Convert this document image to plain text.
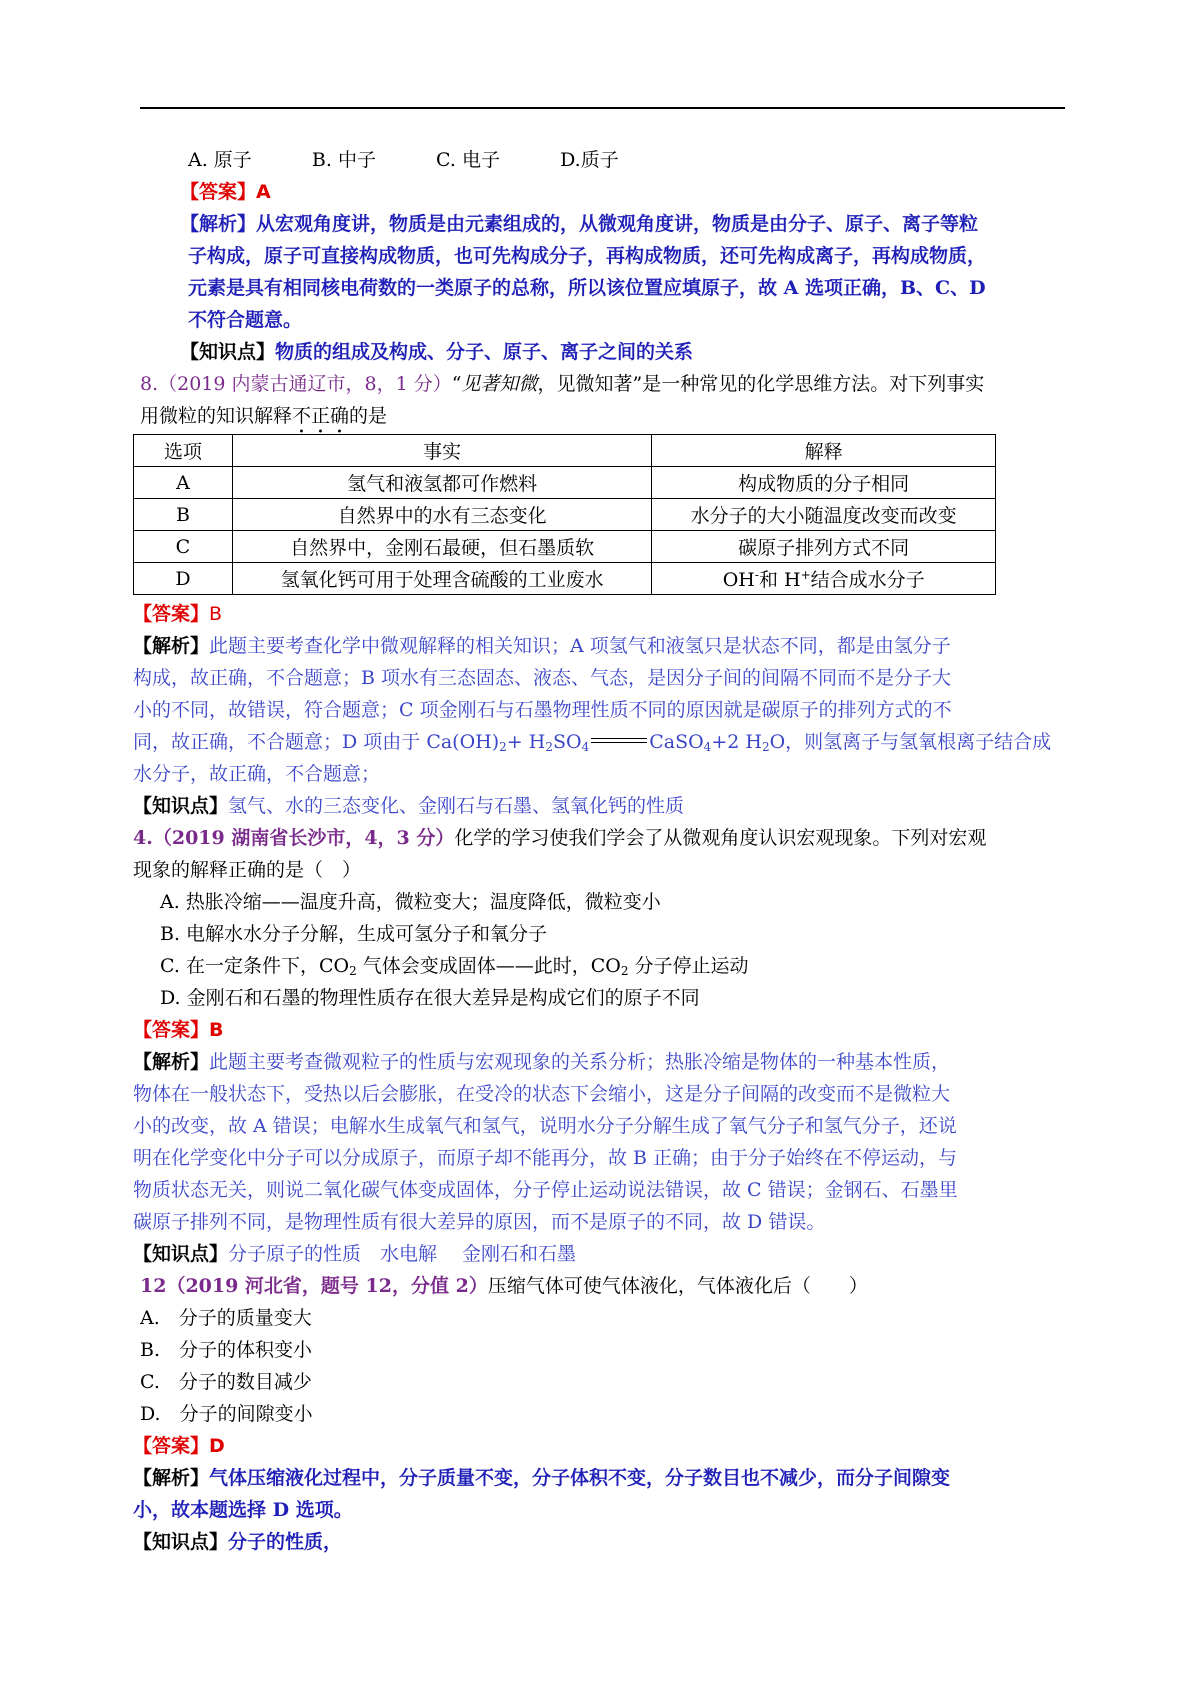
A. 原子	B. 中子	C. 电子	D.质子
【答案】A
【解析】从宏观角度讲，物质是由元素组成的，从微观角度讲，物质是由分子、原子、离子等粒
子构成，原子可直接构成物质，也可先构成分子，再构成物质，还可先构成离子，再构成物质，
元素是具有相同核电荷数的一类原子的总称，所以该位置应填原子，故 A 选项正确，B、C、D
不符合题意。
【知识点】物质的组成及构成、分子、原子、离子之间的关系
8.（2019 内蒙古通辽市，8，1 分）“见著知微，见微知著”是一种常见的化学思维方法。对下列事实
用微粒的知识解释不正确的是
选项	事实	解释
A	氢气和液氢都可作燃料	构成物质的分子相同
B	自然界中的水有三态变化	水分子的大小随温度改变而改变
C	自然界中，金刚石最硬，但石墨质软	碳原子排列方式不同
D	氢氧化钙可用于处理含硫酸的工业废水	OH-和 H+结合成水分子
【答案】B
【解析】此题主要考查化学中微观解释的相关知识；A 项氢气和液氢只是状态不同，都是由氢分子
构成，故正确，不合题意；B 项水有三态固态、液态、气态，是因分子间的间隔不同而不是分子大
小的不同，故错误，符合题意；C 项金刚石与石墨物理性质不同的原因就是碳原子的排列方式的不
同，故正确，不合题意；D 项由于 $Ca(OH)_2+ H_2SO_4$	CaSO$_4$+2 $H_2O$，则氢离子与氢氧根离子结合成
水分子，故正确，不合题意；
【知识点】氢气、水的三态变化、金刚石与石墨、氢氧化钙的性质
4.（2019 湖南省长沙市，4，3 分）化学的学习使我们学会了从微观角度认识宏观现象。下列对宏观
现象的解释正确的是（　）
A. 热胀冷缩——温度升高，微粒变大；温度降低，微粒变小
B. 电解水水分子分解，生成可氢分子和氧分子
C. 在一定条件下，$CO_2$ 气体会变成固体——此时，$CO_2$ 分子停止运动
D. 金刚石和石墨的物理性质存在很大差异是构成它们的原子不同
【答案】B
【解析】此题主要考查微观粒子的性质与宏观现象的关系分析；热胀冷缩是物体的一种基本性质，
物体在一般状态下，受热以后会膨胀，在受冷的状态下会缩小，这是分子间隔的改变而不是微粒大
小的改变，故 A 错误；电解水生成氧气和氢气，说明水分子分解生成了氧气分子和氢气分子，还说
明在化学变化中分子可以分成原子，而原子却不能再分，故 B 正确；由于分子始终在不停运动，与
物质状态无关，则说二氧化碳气体变成固体，分子停止运动说法错误，故 C 错误；金钢石、石墨里
碳原子排列不同，是物理性质有很大差异的原因，而不是原子的不同，故 D 错误。
【知识点】分子原子的性质　水电解　 金刚石和石墨
12（2019 河北省，题号 12，分值 2）压缩气体可使气体液化，气体液化后（　　）
A.　分子的质量变大
B.　分子的体积变小
C.　分子的数目减少
D.　分子的间隙变小
【答案】D
【解析】气体压缩液化过程中，分子质量不变，分子体积不变，分子数目也不减少，而分子间隙变
小，故本题选择 D 选项。
【知识点】分子的性质，
